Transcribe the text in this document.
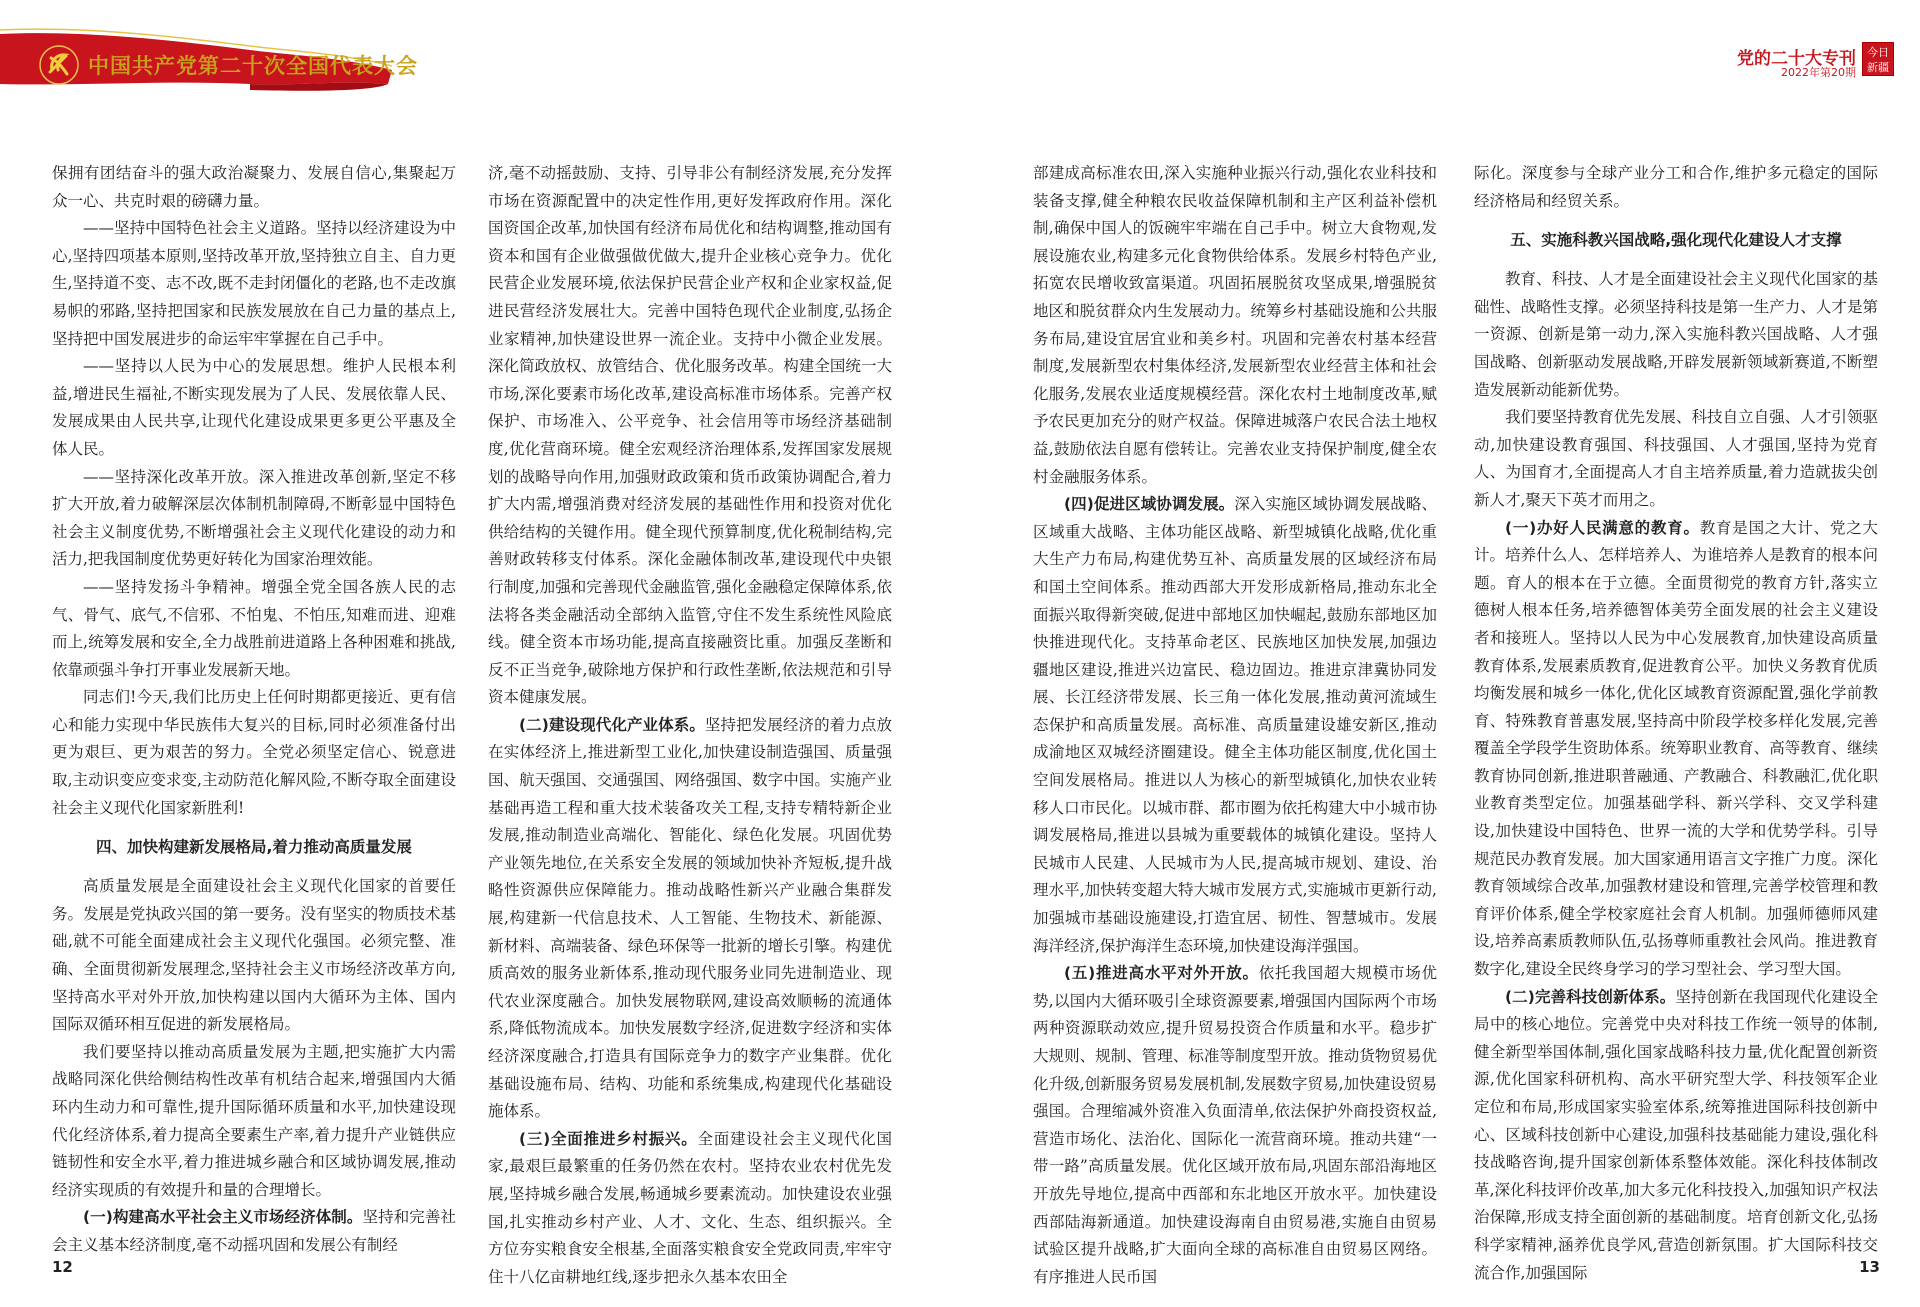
中国共产党第二十次全国代表大会	党的二十大专刊
2022年第20期
今日新疆

保拥有团结奋斗的强大政治凝聚力、发展自信心,集聚起万众一心、共克时艰的磅礴力量。

——坚持中国特色社会主义道路。坚持以经济建设为中心,坚持四项基本原则,坚持改革开放,坚持独立自主、自力更生,坚持道不变、志不改,既不走封闭僵化的老路,也不走改旗易帜的邪路,坚持把国家和民族发展放在自己力量的基点上,坚持把中国发展进步的命运牢牢掌握在自己手中。

——坚持以人民为中心的发展思想。维护人民根本利益,增进民生福祉,不断实现发展为了人民、发展依靠人民、发展成果由人民共享,让现代化建设成果更多更公平惠及全体人民。

——坚持深化改革开放。深入推进改革创新,坚定不移扩大开放,着力破解深层次体制机制障碍,不断彰显中国特色社会主义制度优势,不断增强社会主义现代化建设的动力和活力,把我国制度优势更好转化为国家治理效能。

——坚持发扬斗争精神。增强全党全国各族人民的志气、骨气、底气,不信邪、不怕鬼、不怕压,知难而进、迎难而上,统筹发展和安全,全力战胜前进道路上各种困难和挑战,依靠顽强斗争打开事业发展新天地。

同志们!今天,我们比历史上任何时期都更接近、更有信心和能力实现中华民族伟大复兴的目标,同时必须准备付出更为艰巨、更为艰苦的努力。全党必须坚定信心、锐意进取,主动识变应变求变,主动防范化解风险,不断夺取全面建设社会主义现代化国家新胜利!

四、加快构建新发展格局,着力推动高质量发展

高质量发展是全面建设社会主义现代化国家的首要任务。发展是党执政兴国的第一要务。没有坚实的物质技术基础,就不可能全面建成社会主义现代化强国。必须完整、准确、全面贯彻新发展理念,坚持社会主义市场经济改革方向,坚持高水平对外开放,加快构建以国内大循环为主体、国内国际双循环相互促进的新发展格局。

我们要坚持以推动高质量发展为主题,把实施扩大内需战略同深化供给侧结构性改革有机结合起来,增强国内大循环内生动力和可靠性,提升国际循环质量和水平,加快建设现代化经济体系,着力提高全要素生产率,着力提升产业链供应链韧性和安全水平,着力推进城乡融合和区域协调发展,推动经济实现质的有效提升和量的合理增长。

(一)构建高水平社会主义市场经济体制。坚持和完善社会主义基本经济制度,毫不动摇巩固和发展公有制经

济,毫不动摇鼓励、支持、引导非公有制经济发展,充分发挥市场在资源配置中的决定性作用,更好发挥政府作用。深化国资国企改革,加快国有经济布局优化和结构调整,推动国有资本和国有企业做强做优做大,提升企业核心竞争力。优化民营企业发展环境,依法保护民营企业产权和企业家权益,促进民营经济发展壮大。完善中国特色现代企业制度,弘扬企业家精神,加快建设世界一流企业。支持中小微企业发展。深化简政放权、放管结合、优化服务改革。构建全国统一大市场,深化要素市场化改革,建设高标准市场体系。完善产权保护、市场准入、公平竞争、社会信用等市场经济基础制度,优化营商环境。健全宏观经济治理体系,发挥国家发展规划的战略导向作用,加强财政政策和货币政策协调配合,着力扩大内需,增强消费对经济发展的基础性作用和投资对优化供给结构的关键作用。健全现代预算制度,优化税制结构,完善财政转移支付体系。深化金融体制改革,建设现代中央银行制度,加强和完善现代金融监管,强化金融稳定保障体系,依法将各类金融活动全部纳入监管,守住不发生系统性风险底线。健全资本市场功能,提高直接融资比重。加强反垄断和反不正当竞争,破除地方保护和行政性垄断,依法规范和引导资本健康发展。

(二)建设现代化产业体系。坚持把发展经济的着力点放在实体经济上,推进新型工业化,加快建设制造强国、质量强国、航天强国、交通强国、网络强国、数字中国。实施产业基础再造工程和重大技术装备攻关工程,支持专精特新企业发展,推动制造业高端化、智能化、绿色化发展。巩固优势产业领先地位,在关系安全发展的领域加快补齐短板,提升战略性资源供应保障能力。推动战略性新兴产业融合集群发展,构建新一代信息技术、人工智能、生物技术、新能源、新材料、高端装备、绿色环保等一批新的增长引擎。构建优质高效的服务业新体系,推动现代服务业同先进制造业、现代农业深度融合。加快发展物联网,建设高效顺畅的流通体系,降低物流成本。加快发展数字经济,促进数字经济和实体经济深度融合,打造具有国际竞争力的数字产业集群。优化基础设施布局、结构、功能和系统集成,构建现代化基础设施体系。

(三)全面推进乡村振兴。全面建设社会主义现代化国家,最艰巨最繁重的任务仍然在农村。坚持农业农村优先发展,坚持城乡融合发展,畅通城乡要素流动。加快建设农业强国,扎实推动乡村产业、人才、文化、生态、组织振兴。全方位夯实粮食安全根基,全面落实粮食安全党政同责,牢牢守住十八亿亩耕地红线,逐步把永久基本农田全

部建成高标准农田,深入实施种业振兴行动,强化农业科技和装备支撑,健全种粮农民收益保障机制和主产区利益补偿机制,确保中国人的饭碗牢牢端在自己手中。树立大食物观,发展设施农业,构建多元化食物供给体系。发展乡村特色产业,拓宽农民增收致富渠道。巩固拓展脱贫攻坚成果,增强脱贫地区和脱贫群众内生发展动力。统筹乡村基础设施和公共服务布局,建设宜居宜业和美乡村。巩固和完善农村基本经营制度,发展新型农村集体经济,发展新型农业经营主体和社会化服务,发展农业适度规模经营。深化农村土地制度改革,赋予农民更加充分的财产权益。保障进城落户农民合法土地权益,鼓励依法自愿有偿转让。完善农业支持保护制度,健全农村金融服务体系。

(四)促进区域协调发展。深入实施区域协调发展战略、区域重大战略、主体功能区战略、新型城镇化战略,优化重大生产力布局,构建优势互补、高质量发展的区域经济布局和国土空间体系。推动西部大开发形成新格局,推动东北全面振兴取得新突破,促进中部地区加快崛起,鼓励东部地区加快推进现代化。支持革命老区、民族地区加快发展,加强边疆地区建设,推进兴边富民、稳边固边。推进京津冀协同发展、长江经济带发展、长三角一体化发展,推动黄河流域生态保护和高质量发展。高标准、高质量建设雄安新区,推动成渝地区双城经济圈建设。健全主体功能区制度,优化国土空间发展格局。推进以人为核心的新型城镇化,加快农业转移人口市民化。以城市群、都市圈为依托构建大中小城市协调发展格局,推进以县城为重要载体的城镇化建设。坚持人民城市人民建、人民城市为人民,提高城市规划、建设、治理水平,加快转变超大特大城市发展方式,实施城市更新行动,加强城市基础设施建设,打造宜居、韧性、智慧城市。发展海洋经济,保护海洋生态环境,加快建设海洋强国。

(五)推进高水平对外开放。依托我国超大规模市场优势,以国内大循环吸引全球资源要素,增强国内国际两个市场两种资源联动效应,提升贸易投资合作质量和水平。稳步扩大规则、规制、管理、标准等制度型开放。推动货物贸易优化升级,创新服务贸易发展机制,发展数字贸易,加快建设贸易强国。合理缩减外资准入负面清单,依法保护外商投资权益,营造市场化、法治化、国际化一流营商环境。推动共建“一带一路”高质量发展。优化区域开放布局,巩固东部沿海地区开放先导地位,提高中西部和东北地区开放水平。加快建设西部陆海新通道。加快建设海南自由贸易港,实施自由贸易试验区提升战略,扩大面向全球的高标准自由贸易区网络。有序推进人民币国

际化。深度参与全球产业分工和合作,维护多元稳定的国际经济格局和经贸关系。

五、实施科教兴国战略,强化现代化建设人才支撑

教育、科技、人才是全面建设社会主义现代化国家的基础性、战略性支撑。必须坚持科技是第一生产力、人才是第一资源、创新是第一动力,深入实施科教兴国战略、人才强国战略、创新驱动发展战略,开辟发展新领域新赛道,不断塑造发展新动能新优势。

我们要坚持教育优先发展、科技自立自强、人才引领驱动,加快建设教育强国、科技强国、人才强国,坚持为党育人、为国育才,全面提高人才自主培养质量,着力造就拔尖创新人才,聚天下英才而用之。

(一)办好人民满意的教育。教育是国之大计、党之大计。培养什么人、怎样培养人、为谁培养人是教育的根本问题。育人的根本在于立德。全面贯彻党的教育方针,落实立德树人根本任务,培养德智体美劳全面发展的社会主义建设者和接班人。坚持以人民为中心发展教育,加快建设高质量教育体系,发展素质教育,促进教育公平。加快义务教育优质均衡发展和城乡一体化,优化区域教育资源配置,强化学前教育、特殊教育普惠发展,坚持高中阶段学校多样化发展,完善覆盖全学段学生资助体系。统筹职业教育、高等教育、继续教育协同创新,推进职普融通、产教融合、科教融汇,优化职业教育类型定位。加强基础学科、新兴学科、交叉学科建设,加快建设中国特色、世界一流的大学和优势学科。引导规范民办教育发展。加大国家通用语言文字推广力度。深化教育领域综合改革,加强教材建设和管理,完善学校管理和教育评价体系,健全学校家庭社会育人机制。加强师德师风建设,培养高素质教师队伍,弘扬尊师重教社会风尚。推进教育数字化,建设全民终身学习的学习型社会、学习型大国。

(二)完善科技创新体系。坚持创新在我国现代化建设全局中的核心地位。完善党中央对科技工作统一领导的体制,健全新型举国体制,强化国家战略科技力量,优化配置创新资源,优化国家科研机构、高水平研究型大学、科技领军企业定位和布局,形成国家实验室体系,统筹推进国际科技创新中心、区域科技创新中心建设,加强科技基础能力建设,强化科技战略咨询,提升国家创新体系整体效能。深化科技体制改革,深化科技评价改革,加大多元化科技投入,加强知识产权法治保障,形成支持全面创新的基础制度。培育创新文化,弘扬科学家精神,涵养优良学风,营造创新氛围。扩大国际科技交流合作,加强国际

12	13
